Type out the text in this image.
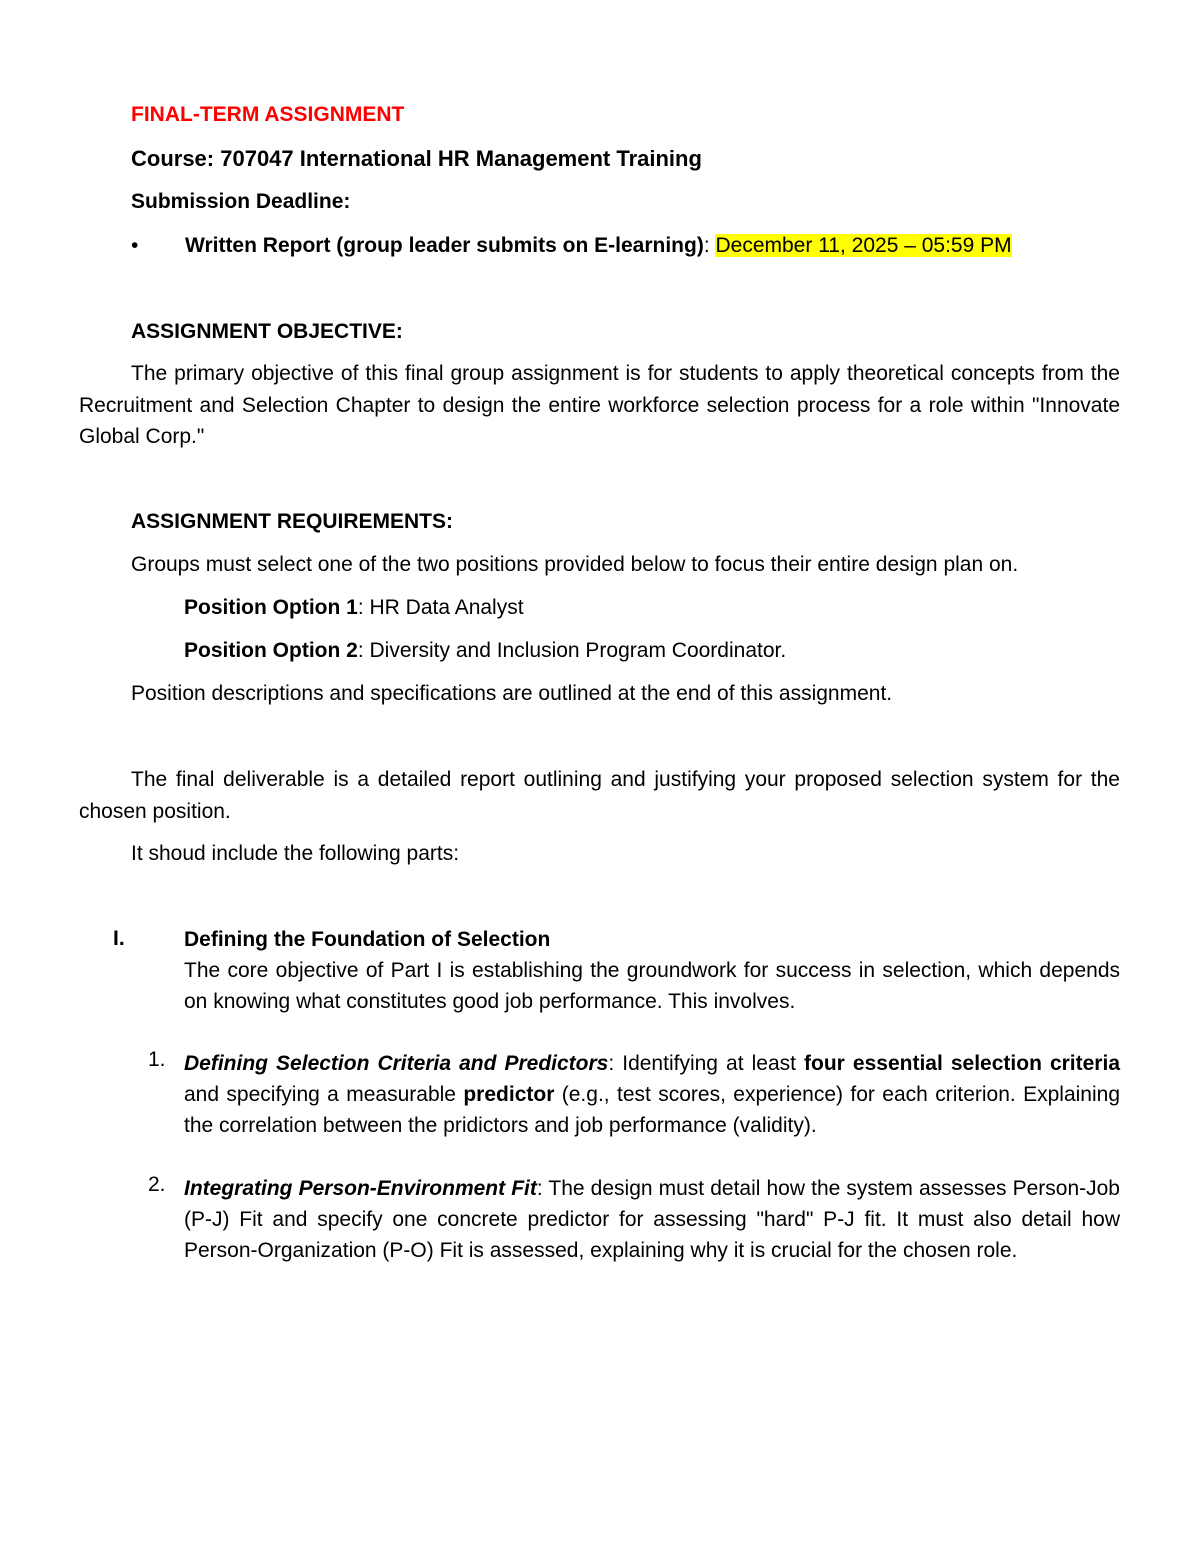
FINAL-TERM ASSIGNMENT

Course: 707047 International HR Management Training

Submission Deadline:

• Written Report (group leader submits on E-learning): December 11, 2025 – 05:59 PM

ASSIGNMENT OBJECTIVE:

The primary objective of this final group assignment is for students to apply theoretical concepts from the Recruitment and Selection Chapter to design the entire workforce selection process for a role within "Innovate Global Corp."

ASSIGNMENT REQUIREMENTS:

Groups must select one of the two positions provided below to focus their entire design plan on.

Position Option 1: HR Data Analyst

Position Option 2: Diversity and Inclusion Program Coordinator.

Position descriptions and specifications are outlined at the end of this assignment.

The final deliverable is a detailed report outlining and justifying your proposed selection system for the chosen position.

It shoud include the following parts:

I.	Defining the Foundation of Selection

The core objective of Part I is establishing the groundwork for success in selection, which depends on knowing what constitutes good job performance. This involves.

1. Defining Selection Criteria and Predictors: Identifying at least four essential selection criteria and specifying a measurable predictor (e.g., test scores, experience) for each criterion. Explaining the correlation between the pridictors and job performance (validity).

2. Integrating Person-Environment Fit: The design must detail how the system assesses Person-Job (P-J) Fit and specify one concrete predictor for assessing "hard" P-J fit. It must also detail how Person-Organization (P-O) Fit is assessed, explaining why it is crucial for the chosen role.
